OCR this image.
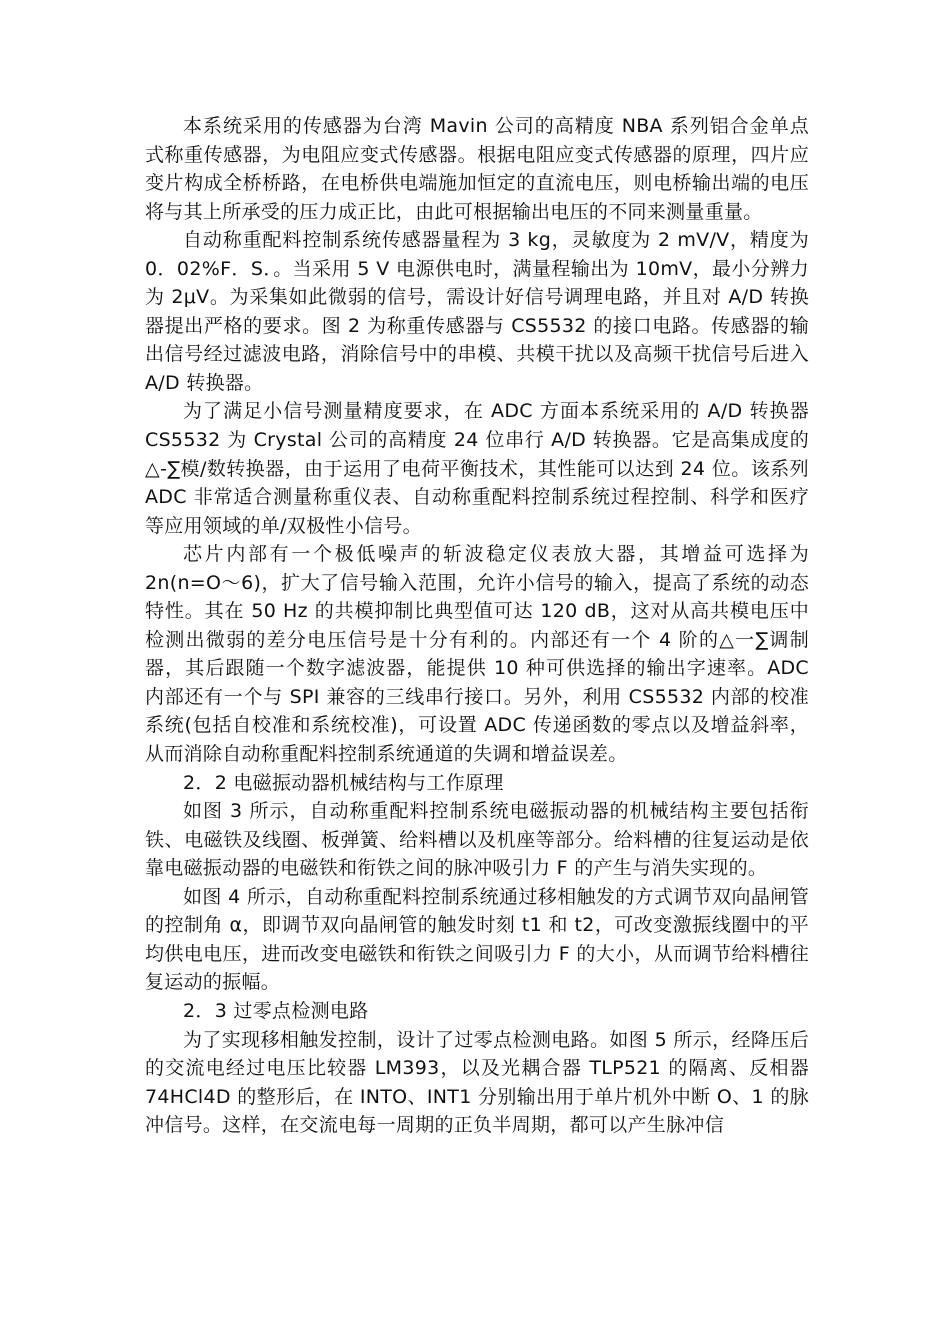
本系统采用的传感器为台湾 Mavin 公司的高精度 NBA 系列铝合金单点式称重传感器，为电阻应变式传感器。根据电阻应变式传感器的原理，四片应变片构成全桥桥路，在电桥供电端施加恒定的直流电压，则电桥输出端的电压将与其上所承受的压力成正比，由此可根据输出电压的不同来测量重量。

自动称重配料控制系统传感器量程为 3 kg，灵敏度为 2 mV/V，精度为 0．02%F．S．。当采用 5 V 电源供电时，满量程输出为 10mV，最小分辨力为 2μV。为采集如此微弱的信号，需设计好信号调理电路，并且对 A/D 转换器提出严格的要求。图 2 为称重传感器与 CS5532 的接口电路。传感器的输出信号经过滤波电路，消除信号中的串模、共模干扰以及高频干扰信号后进入 A/D 转换器。

为了满足小信号测量精度要求，在 ADC 方面本系统采用的 A/D 转换器 CS5532 为 Crystal 公司的高精度 24 位串行 A/D 转换器。它是高集成度的△-∑模/数转换器，由于运用了电荷平衡技术，其性能可以达到 24 位。该系列 ADC 非常适合测量称重仪表、自动称重配料控制系统过程控制、科学和医疗等应用领域的单/双极性小信号。

芯片内部有一个极低噪声的斩波稳定仪表放大器，其增益可选择为 2n(n=O～6)，扩大了信号输入范围，允许小信号的输入，提高了系统的动态特性。其在 50 Hz 的共模抑制比典型值可达 120 dB，这对从高共模电压中检测出微弱的差分电压信号是十分有利的。内部还有一个 4 阶的△一∑调制器，其后跟随一个数字滤波器，能提供 10 种可供选择的输出字速率。ADC 内部还有一个与 SPI 兼容的三线串行接口。另外，利用 CS5532 内部的校准系统(包括自校准和系统校准)，可设置 ADC 传递函数的零点以及增益斜率，从而消除自动称重配料控制系统通道的失调和增益误差。

2．2 电磁振动器机械结构与工作原理

如图 3 所示，自动称重配料控制系统电磁振动器的机械结构主要包括衔铁、电磁铁及线圈、板弹簧、给料槽以及机座等部分。给料槽的往复运动是依靠电磁振动器的电磁铁和衔铁之间的脉冲吸引力 F 的产生与消失实现的。

如图 4 所示，自动称重配料控制系统通过移相触发的方式调节双向晶闸管的控制角 α，即调节双向晶闸管的触发时刻 t1 和 t2，可改变激振线圈中的平均供电电压，进而改变电磁铁和衔铁之间吸引力 F 的大小，从而调节给料槽往复运动的振幅。

2．3 过零点检测电路

为了实现移相触发控制，设计了过零点检测电路。如图 5 所示，经降压后的交流电经过电压比较器 LM393，以及光耦合器 TLP521 的隔离、反相器 74HCl4D 的整形后，在 INTO、INT1 分别输出用于单片机外中断 O、1 的脉冲信号。这样，在交流电每一周期的正负半周期，都可以产生脉冲信
